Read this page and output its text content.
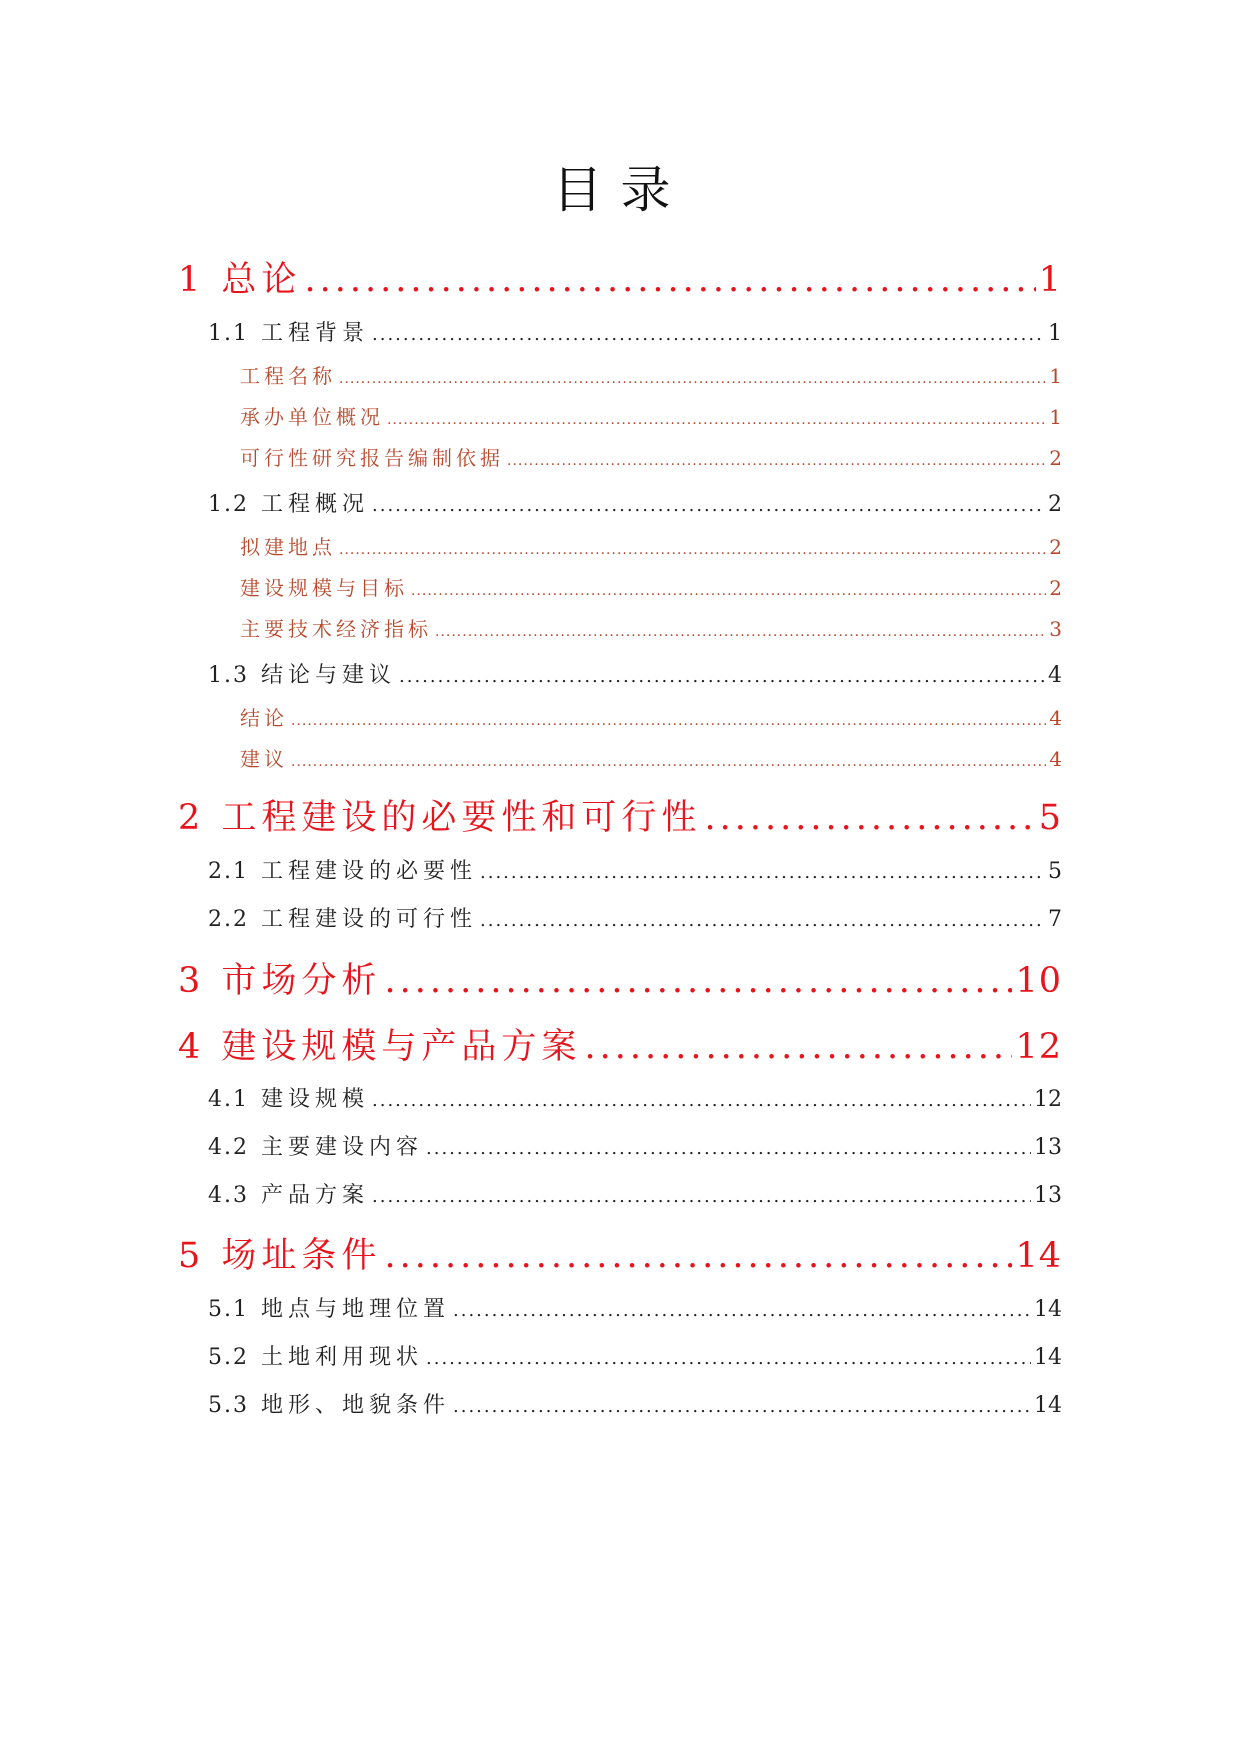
目录
1 总论 .....	1
1.1 工程背景 .....	1
工程名称 .....	1
承办单位概况 .....	1
可行性研究报告编制依据 .....	2
1.2 工程概况 .....	2
拟建地点 .....	2
建设规模与目标 .....	2
主要技术经济指标 .....	3
1.3 结论与建议 .....	4
结论 .....	4
建议 .....	4
2 工程建设的必要性和可行性 .....	5
2.1 工程建设的必要性 .....	5
2.2 工程建设的可行性 .....	7
3 市场分析 .....	10
4 建设规模与产品方案 .....	12
4.1 建设规模 .....	12
4.2 主要建设内容 .....	13
4.3 产品方案 .....	13
5 场址条件 .....	14
5.1 地点与地理位置 .....	14
5.2 土地利用现状 .....	14
5.3 地形、地貌条件 .....	14
